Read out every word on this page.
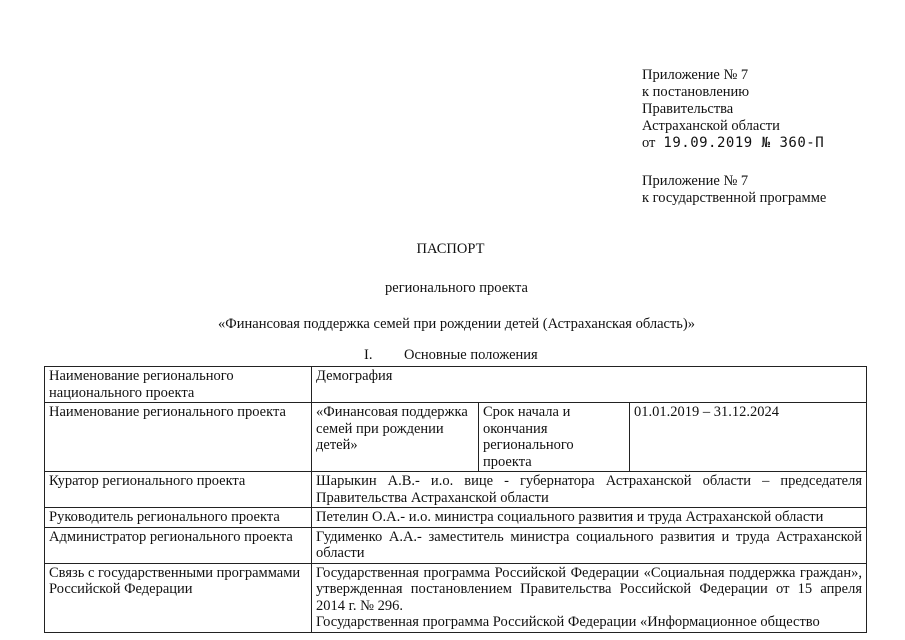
Приложение № 7
к постановлению
Правительства
Астраханской области
от 19.09.2019 № 360-П
Приложение № 7
к государственной программе
ПАСПОРТ
регионального проекта
«Финансовая поддержка семей при рождении детей (Астраханская область)»
I. Основные положения
Наименование регионального национального проекта	Демография		
Наименование регионального проекта	«Финансовая поддержка семей при рождении детей»	Срок начала и окончания регионального проекта	01.01.2019 – 31.12.2024
Куратор регионального проекта	Шарыкин А.В.- и.о. вице - губернатора Астраханской области – председателя Правительства Астраханской области		
Руководитель регионального проекта	Петелин О.А.- и.о. министра социального развития и труда Астраханской области		
Администратор регионального проекта	Гудименко А.А.- заместитель министра социального развития и труда Астраханской области		
Связь с государственными программами Российской Федерации	Государственная программа Российской Федерации «Социальная поддержка граждан», утвержденная постановлением Правительства Российской Федерации от 15 апреля 2014 г. № 296.
Государственная программа Российской Федерации «Информационное общество		
